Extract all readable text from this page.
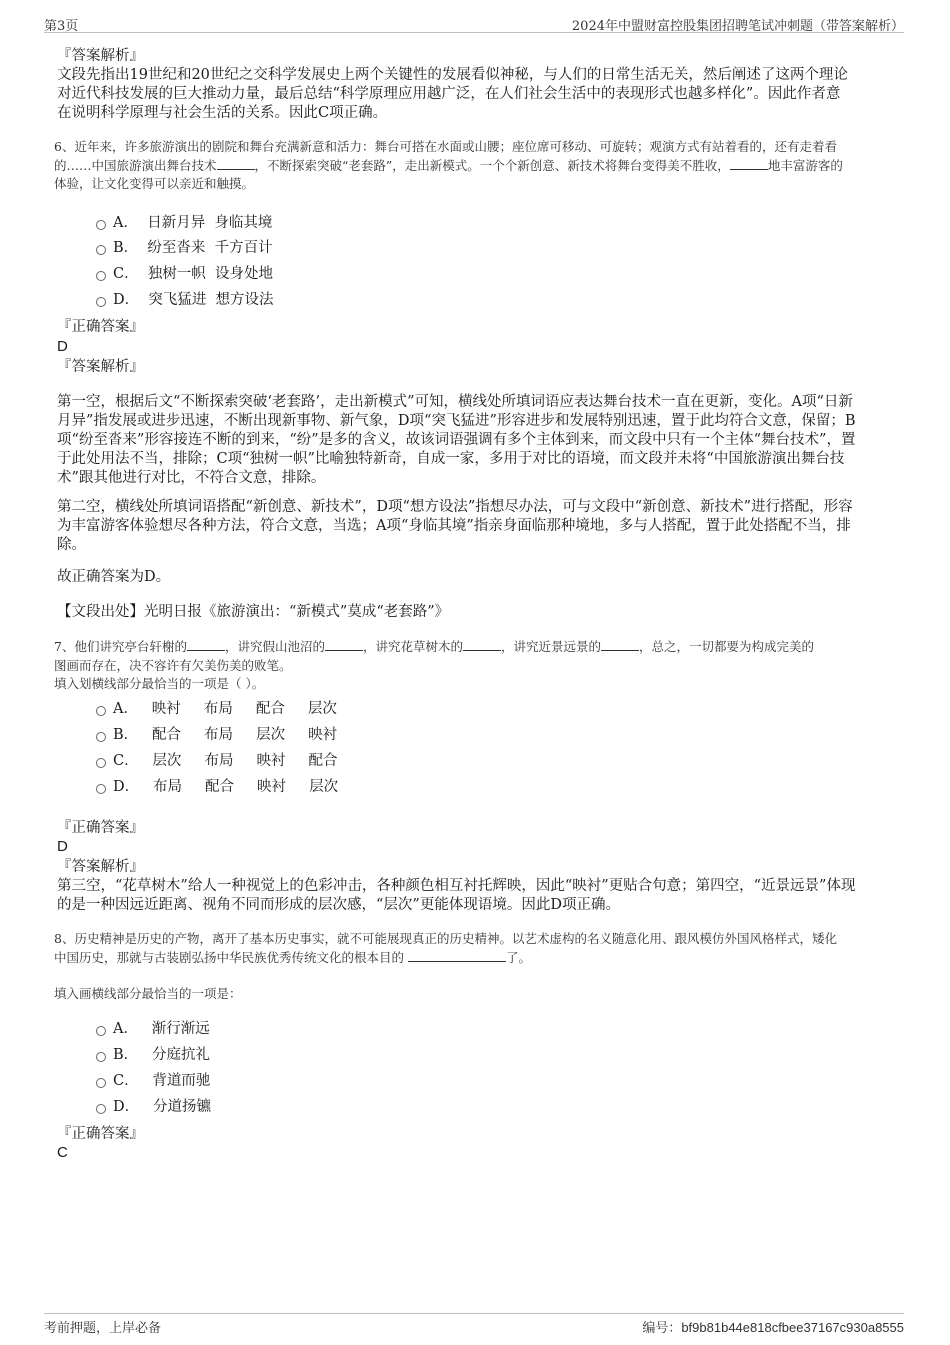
第3页	2024年中盟财富控股集团招聘笔试冲刺题（带答案解析）
『答案解析』
文段先指出19世纪和20世纪之交科学发展史上两个关键性的发展看似神秘，与人们的日常生活无关，然后阐述了这两个理论
对近代科技发展的巨大推动力量，最后总结“科学原理应用越广泛，在人们社会生活中的表现形式也越多样化”。因此作者意
在说明科学原理与社会生活的关系。因此C项正确。
6、近年来，许多旅游演出的剧院和舞台充满新意和活力：舞台可搭在水面或山腰；座位席可移动、可旋转；观演方式有站着看的，还有走着看
的……中国旅游演出舞台技术	，不断探索突破“老套路”，走出新模式。一个个新创意、新技术将舞台变得美不胜收，	地丰富游客的
体验，让文化变得可以亲近和触摸。
A．  日新月异  身临其境
B．  纷至沓来  千方百计
C．  独树一帜  设身处地
D．  突飞猛进  想方设法
『正确答案』
D
『答案解析』
第一空，根据后文“不断探索突破‘老套路’，走出新模式”可知，横线处所填词语应表达舞台技术一直在更新，变化。A项“日新
月异”指发展或进步迅速，不断出现新事物、新气象，D项“突飞猛进”形容进步和发展特别迅速，置于此均符合文意，保留；B
项“纷至沓来”形容接连不断的到来，“纷”是多的含义，故该词语强调有多个主体到来，而文段中只有一个主体“舞台技术”，置
于此处用法不当，排除；C项“独树一帜”比喻独特新奇，自成一家，多用于对比的语境，而文段并未将“中国旅游演出舞台技
术”跟其他进行对比，不符合文意，排除。
第二空，横线处所填词语搭配“新创意、新技术”，D项“想方设法”指想尽办法，可与文段中“新创意、新技术”进行搭配，形容
为丰富游客体验想尽各种方法，符合文意，当选；A项“身临其境”指亲身面临那种境地，多与人搭配，置于此处搭配不当，排
除。
故正确答案为D。
【文段出处】光明日报《旅游演出：“新模式”莫成“老套路”》
7、他们讲究亭台轩榭的	，讲究假山池沼的	，讲究花草树木的	，讲究近景远景的	，总之，一切都要为构成完美的
图画而存在，决不容许有欠美伤美的败笔。
填入划横线部分最恰当的一项是（ ）。
A．   映衬     布局     配合     层次
B．   配合     布局     层次     映衬
C．   层次     布局     映衬     配合
D．   布局     配合     映衬     层次
『正确答案』
D
『答案解析』
第三空，“花草树木”给人一种视觉上的色彩冲击，各种颜色相互衬托辉映，因此“映衬”更贴合句意；第四空，“近景远景”体现
的是一种因远近距离、视角不同而形成的层次感，“层次”更能体现语境。因此D项正确。
8、历史精神是历史的产物，离开了基本历史事实，就不可能展现真正的历史精神。以艺术虚构的名义随意化用、跟风模仿外国风格样式，矮化
中国历史，那就与古装剧弘扬中华民族优秀传统文化的根本目的	了。
填入画横线部分最恰当的一项是：
A．   渐行渐远
B．   分庭抗礼
C．   背道而驰
D．   分道扬镳
『正确答案』
C
考前押题，上岸必备	编号：bf9b81b44e818cfbee37167c930a8555
